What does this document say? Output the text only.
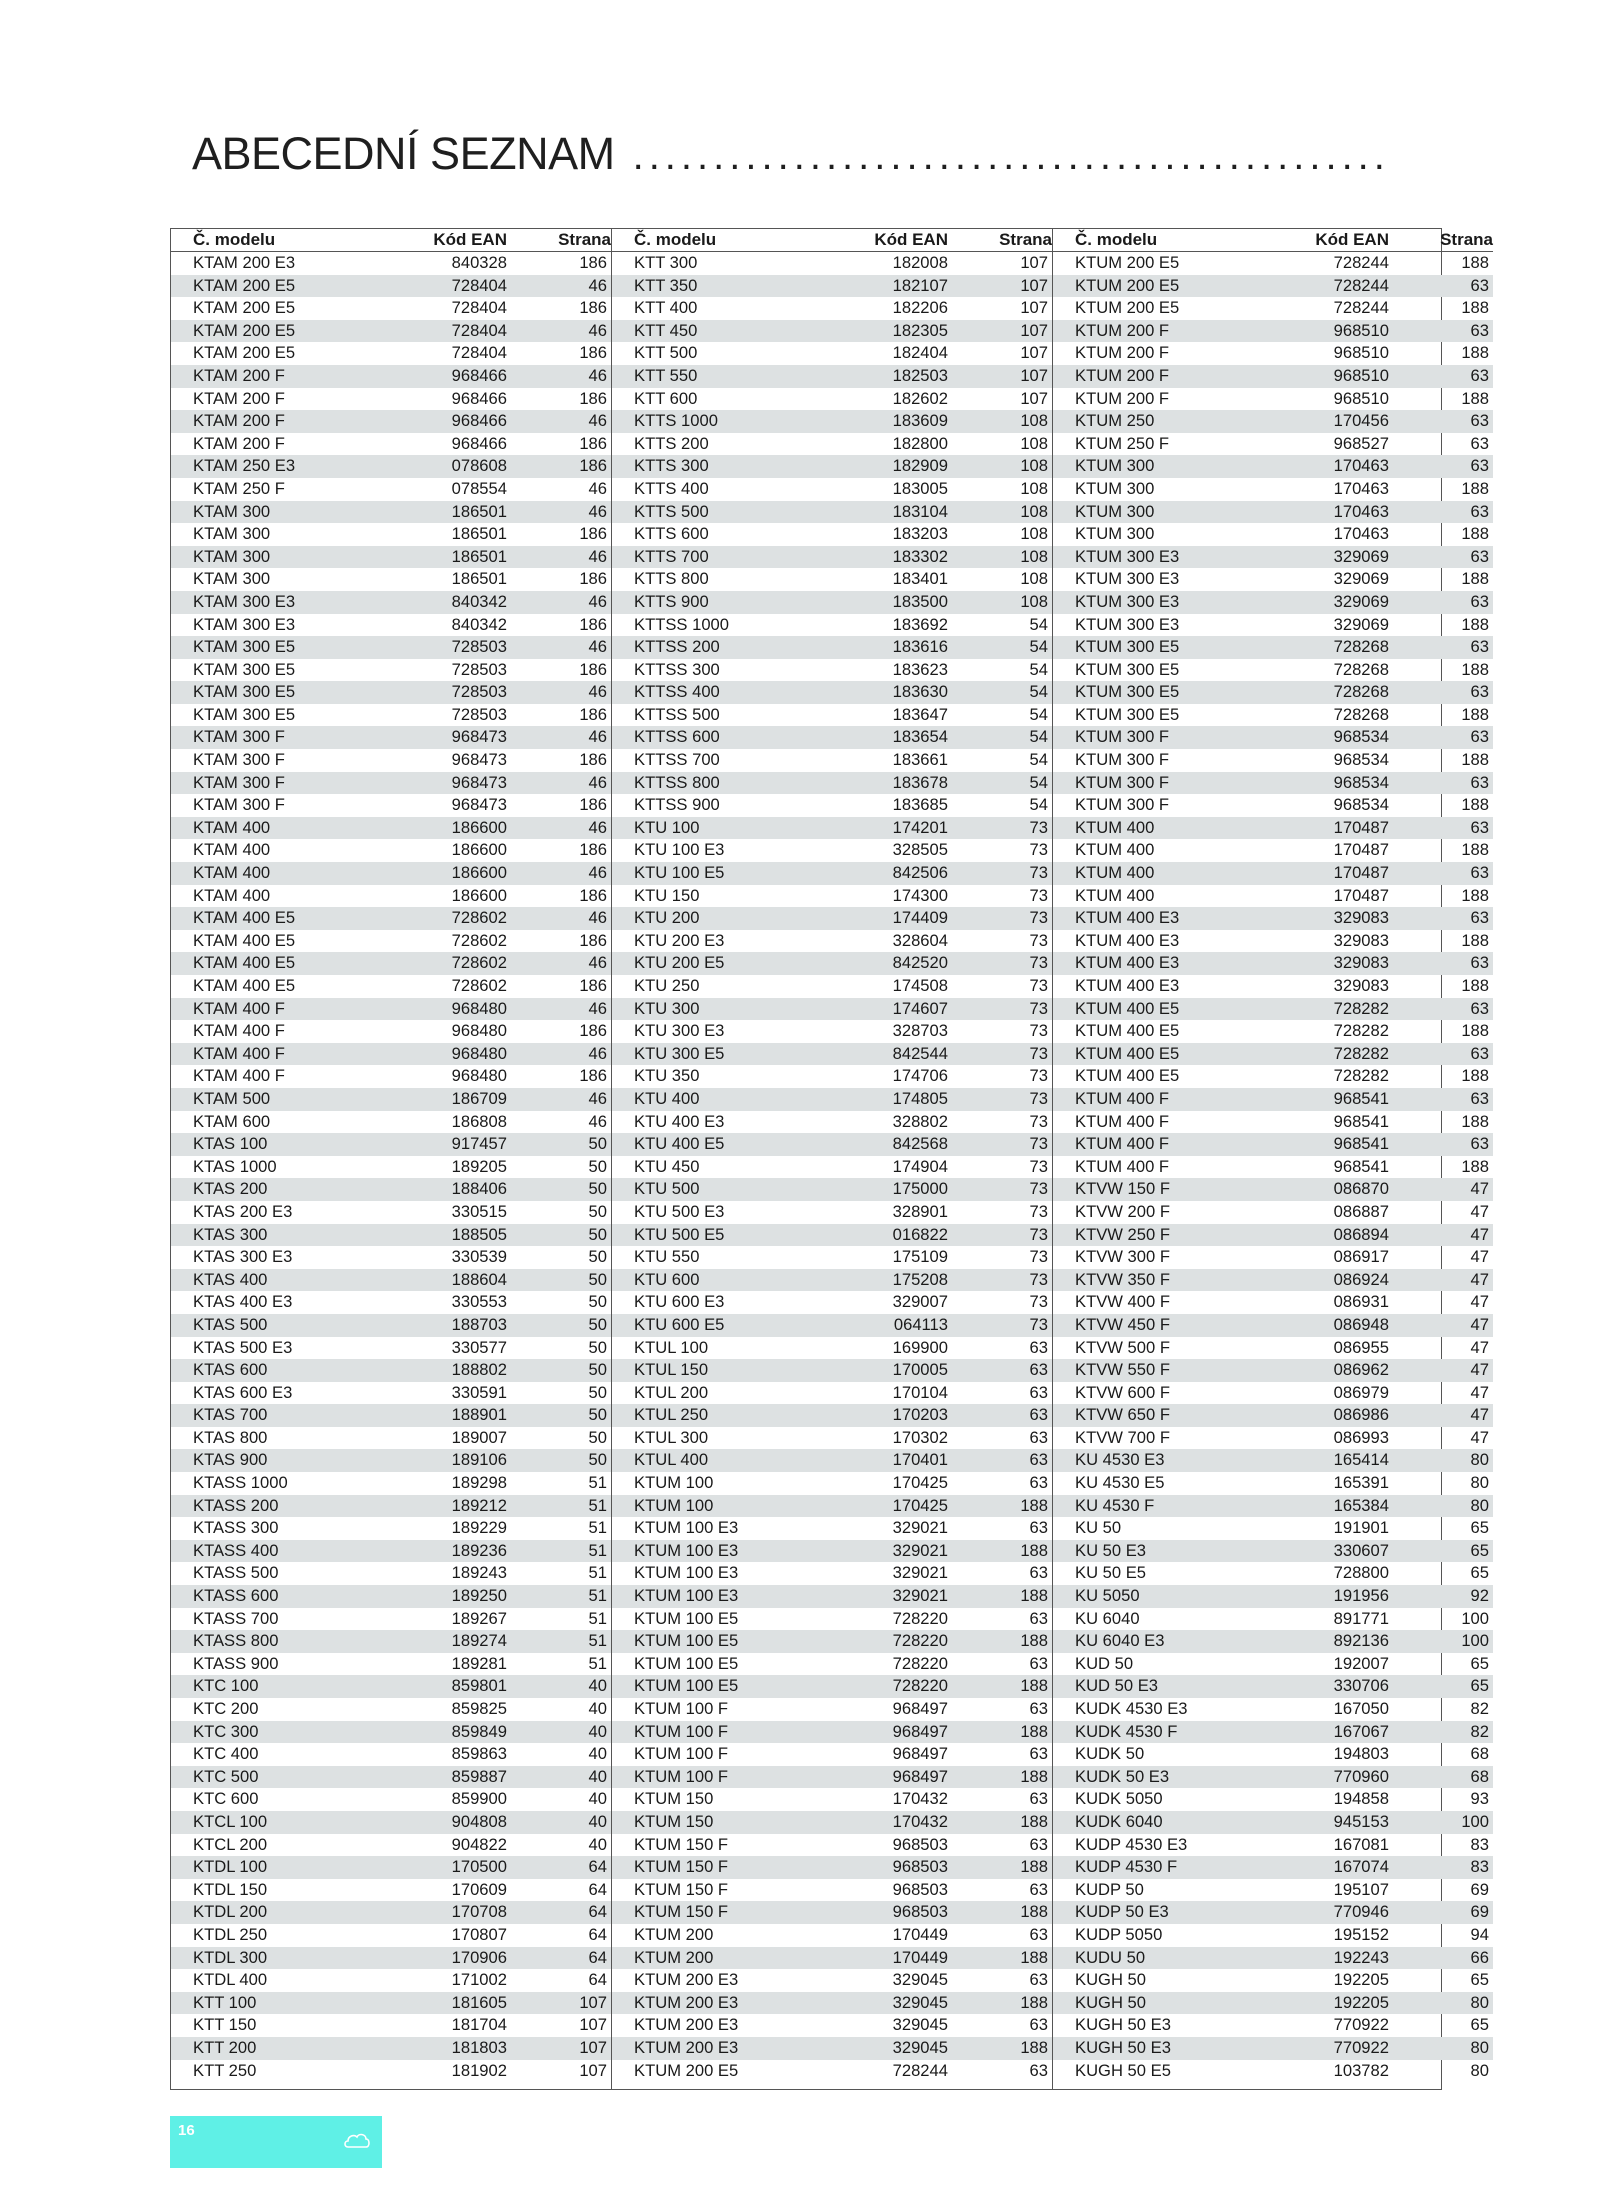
ABECEDNÍ SEZNAM ...............................................
Č. modelu	Kód EAN	Strana
KTAM 200 E3	840328	186
KTAM 200 E5	728404	46
KTAM 200 E5	728404	186
KTAM 200 E5	728404	46
KTAM 200 E5	728404	186
KTAM 200 F	968466	46
KTAM 200 F	968466	186
KTAM 200 F	968466	46
KTAM 200 F	968466	186
KTAM 250 E3	078608	186
KTAM 250 F	078554	46
KTAM 300	186501	46
KTAM 300	186501	186
KTAM 300	186501	46
KTAM 300	186501	186
KTAM 300 E3	840342	46
KTAM 300 E3	840342	186
KTAM 300 E5	728503	46
KTAM 300 E5	728503	186
KTAM 300 E5	728503	46
KTAM 300 E5	728503	186
KTAM 300 F	968473	46
KTAM 300 F	968473	186
KTAM 300 F	968473	46
KTAM 300 F	968473	186
KTAM 400	186600	46
KTAM 400	186600	186
KTAM 400	186600	46
KTAM 400	186600	186
KTAM 400 E5	728602	46
KTAM 400 E5	728602	186
KTAM 400 E5	728602	46
KTAM 400 E5	728602	186
KTAM 400 F	968480	46
KTAM 400 F	968480	186
KTAM 400 F	968480	46
KTAM 400 F	968480	186
KTAM 500	186709	46
KTAM 600	186808	46
KTAS 100	917457	50
KTAS 1000	189205	50
KTAS 200	188406	50
KTAS 200 E3	330515	50
KTAS 300	188505	50
KTAS 300 E3	330539	50
KTAS 400	188604	50
KTAS 400 E3	330553	50
KTAS 500	188703	50
KTAS 500 E3	330577	50
KTAS 600	188802	50
KTAS 600 E3	330591	50
KTAS 700	188901	50
KTAS 800	189007	50
KTAS 900	189106	50
KTASS 1000	189298	51
KTASS 200	189212	51
KTASS 300	189229	51
KTASS 400	189236	51
KTASS 500	189243	51
KTASS 600	189250	51
KTASS 700	189267	51
KTASS 800	189274	51
KTASS 900	189281	51
KTC 100	859801	40
KTC 200	859825	40
KTC 300	859849	40
KTC 400	859863	40
KTC 500	859887	40
KTC 600	859900	40
KTCL 100	904808	40
KTCL 200	904822	40
KTDL 100	170500	64
KTDL 150	170609	64
KTDL 200	170708	64
KTDL 250	170807	64
KTDL 300	170906	64
KTDL 400	171002	64
KTT 100	181605	107
KTT 150	181704	107
KTT 200	181803	107
KTT 250	181902	107
Č. modelu	Kód EAN	Strana
KTT 300	182008	107
KTT 350	182107	107
KTT 400	182206	107
KTT 450	182305	107
KTT 500	182404	107
KTT 550	182503	107
KTT 600	182602	107
KTTS 1000	183609	108
KTTS 200	182800	108
KTTS 300	182909	108
KTTS 400	183005	108
KTTS 500	183104	108
KTTS 600	183203	108
KTTS 700	183302	108
KTTS 800	183401	108
KTTS 900	183500	108
KTTSS 1000	183692	54
KTTSS 200	183616	54
KTTSS 300	183623	54
KTTSS 400	183630	54
KTTSS 500	183647	54
KTTSS 600	183654	54
KTTSS 700	183661	54
KTTSS 800	183678	54
KTTSS 900	183685	54
KTU 100	174201	73
KTU 100 E3	328505	73
KTU 100 E5	842506	73
KTU 150	174300	73
KTU 200	174409	73
KTU 200 E3	328604	73
KTU 200 E5	842520	73
KTU 250	174508	73
KTU 300	174607	73
KTU 300 E3	328703	73
KTU 300 E5	842544	73
KTU 350	174706	73
KTU 400	174805	73
KTU 400 E3	328802	73
KTU 400 E5	842568	73
KTU 450	174904	73
KTU 500	175000	73
KTU 500 E3	328901	73
KTU 500 E5	016822	73
KTU 550	175109	73
KTU 600	175208	73
KTU 600 E3	329007	73
KTU 600 E5	064113	73
KTUL 100	169900	63
KTUL 150	170005	63
KTUL 200	170104	63
KTUL 250	170203	63
KTUL 300	170302	63
KTUL 400	170401	63
KTUM 100	170425	63
KTUM 100	170425	188
KTUM 100 E3	329021	63
KTUM 100 E3	329021	188
KTUM 100 E3	329021	63
KTUM 100 E3	329021	188
KTUM 100 E5	728220	63
KTUM 100 E5	728220	188
KTUM 100 E5	728220	63
KTUM 100 E5	728220	188
KTUM 100 F	968497	63
KTUM 100 F	968497	188
KTUM 100 F	968497	63
KTUM 100 F	968497	188
KTUM 150	170432	63
KTUM 150	170432	188
KTUM 150 F	968503	63
KTUM 150 F	968503	188
KTUM 150 F	968503	63
KTUM 150 F	968503	188
KTUM 200	170449	63
KTUM 200	170449	188
KTUM 200 E3	329045	63
KTUM 200 E3	329045	188
KTUM 200 E3	329045	63
KTUM 200 E3	329045	188
KTUM 200 E5	728244	63
Č. modelu	Kód EAN	Strana
KTUM 200 E5	728244	188
KTUM 200 E5	728244	63
KTUM 200 E5	728244	188
KTUM 200 F	968510	63
KTUM 200 F	968510	188
KTUM 200 F	968510	63
KTUM 200 F	968510	188
KTUM 250	170456	63
KTUM 250 F	968527	63
KTUM 300	170463	63
KTUM 300	170463	188
KTUM 300	170463	63
KTUM 300	170463	188
KTUM 300 E3	329069	63
KTUM 300 E3	329069	188
KTUM 300 E3	329069	63
KTUM 300 E3	329069	188
KTUM 300 E5	728268	63
KTUM 300 E5	728268	188
KTUM 300 E5	728268	63
KTUM 300 E5	728268	188
KTUM 300 F	968534	63
KTUM 300 F	968534	188
KTUM 300 F	968534	63
KTUM 300 F	968534	188
KTUM 400	170487	63
KTUM 400	170487	188
KTUM 400	170487	63
KTUM 400	170487	188
KTUM 400 E3	329083	63
KTUM 400 E3	329083	188
KTUM 400 E3	329083	63
KTUM 400 E3	329083	188
KTUM 400 E5	728282	63
KTUM 400 E5	728282	188
KTUM 400 E5	728282	63
KTUM 400 E5	728282	188
KTUM 400 F	968541	63
KTUM 400 F	968541	188
KTUM 400 F	968541	63
KTUM 400 F	968541	188
KTVW 150 F	086870	47
KTVW 200 F	086887	47
KTVW 250 F	086894	47
KTVW 300 F	086917	47
KTVW 350 F	086924	47
KTVW 400 F	086931	47
KTVW 450 F	086948	47
KTVW 500 F	086955	47
KTVW 550 F	086962	47
KTVW 600 F	086979	47
KTVW 650 F	086986	47
KTVW 700 F	086993	47
KU 4530 E3	165414	80
KU 4530 E5	165391	80
KU 4530 F	165384	80
KU 50	191901	65
KU 50 E3	330607	65
KU 50 E5	728800	65
KU 5050	191956	92
KU 6040	891771	100
KU 6040 E3	892136	100
KUD 50	192007	65
KUD 50 E3	330706	65
KUDK 4530 E3	167050	82
KUDK 4530 F	167067	82
KUDK 50	194803	68
KUDK 50 E3	770960	68
KUDK 5050	194858	93
KUDK 6040	945153	100
KUDP 4530 E3	167081	83
KUDP 4530 F	167074	83
KUDP 50	195107	69
KUDP 50 E3	770946	69
KUDP 5050	195152	94
KUDU 50	192243	66
KUGH 50	192205	65
KUGH 50	192205	80
KUGH 50 E3	770922	65
KUGH 50 E3	770922	80
KUGH 50 E5	103782	80
16
